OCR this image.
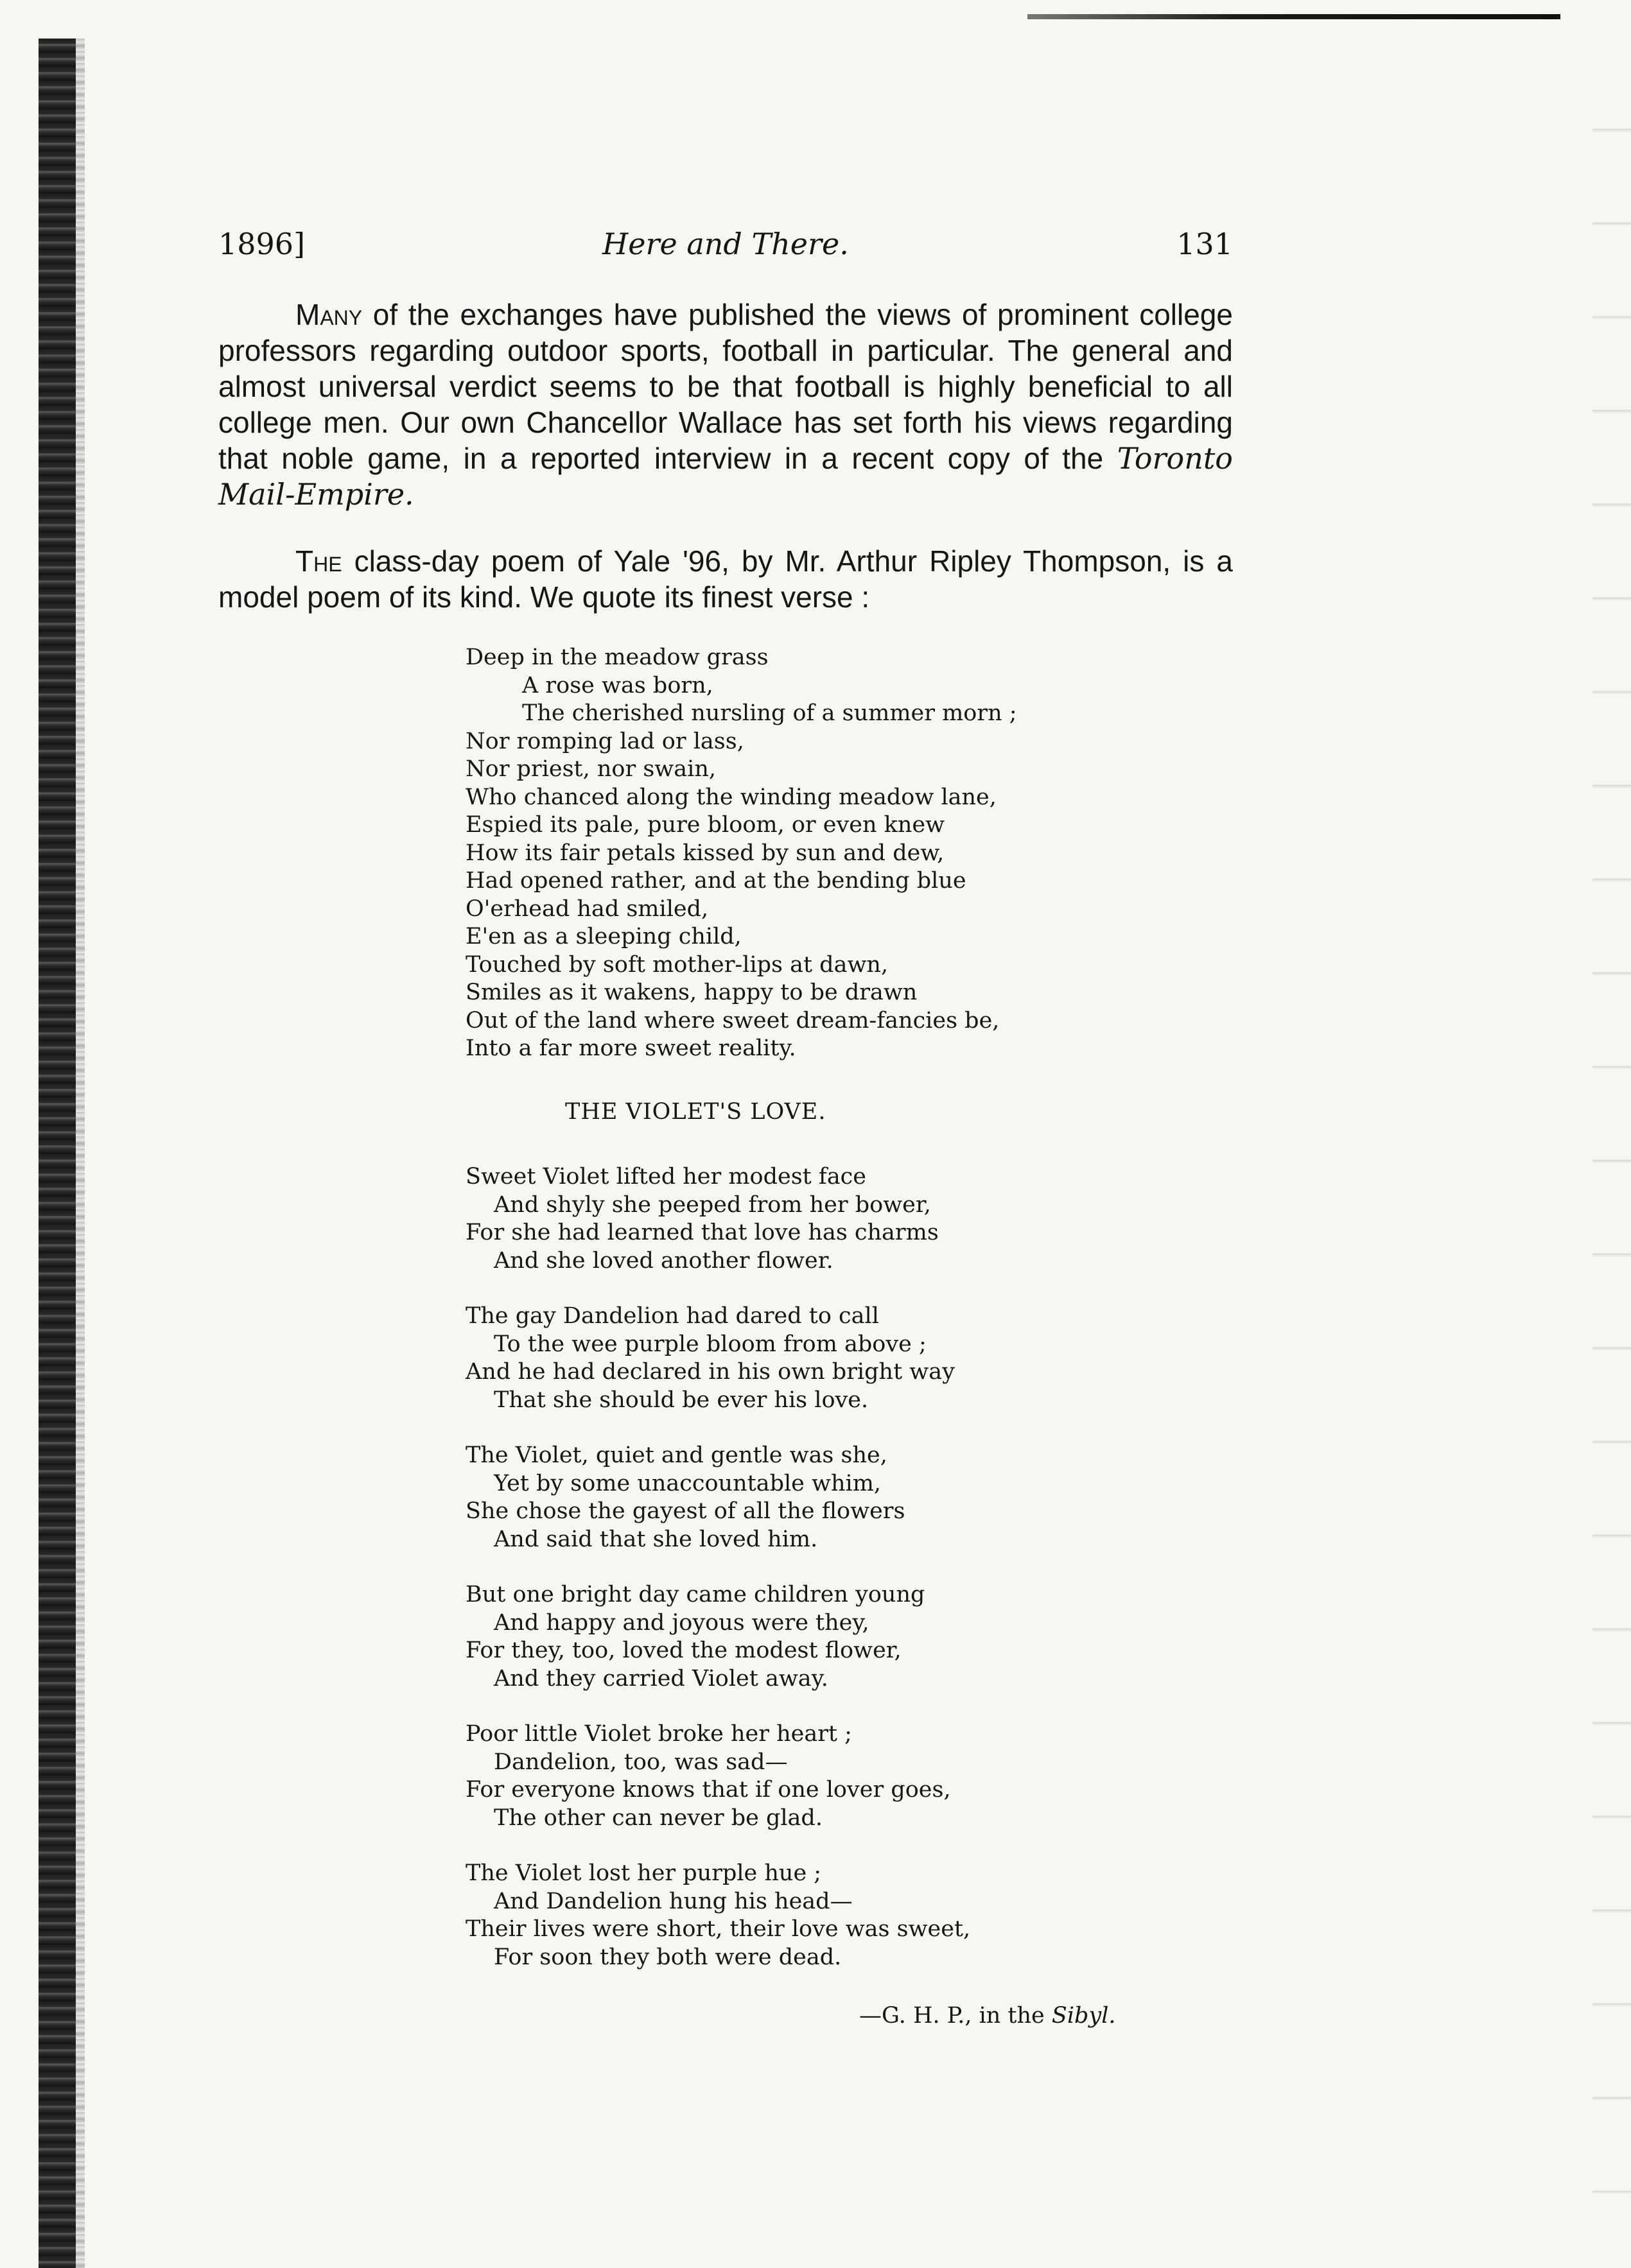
1896]	Here and There.	131

Many of the exchanges have published the views of prominent college professors regarding outdoor sports, football in particular. The general and almost universal verdict seems to be that football is highly beneficial to all college men. Our own Chancellor Wallace has set forth his views regarding that noble game, in a reported interview in a recent copy of the Toronto Mail-Empire.

The class-day poem of Yale '96, by Mr. Arthur Ripley Thompson, is a model poem of its kind. We quote its finest verse :

Deep in the meadow grass
A rose was born,
The cherished nursling of a summer morn ;
Nor romping lad or lass,
Nor priest, nor swain,
Who chanced along the winding meadow lane,
Espied its pale, pure bloom, or even knew
How its fair petals kissed by sun and dew,
Had opened rather, and at the bending blue
O'erhead had smiled,
E'en as a sleeping child,
Touched by soft mother-lips at dawn,
Smiles as it wakens, happy to be drawn
Out of the land where sweet dream-fancies be,
Into a far more sweet reality.
THE VIOLET'S LOVE.
Sweet Violet lifted her modest face
And shyly she peeped from her bower,
For she had learned that love has charms
And she loved another flower.
The gay Dandelion had dared to call
To the wee purple bloom from above ;
And he had declared in his own bright way
That she should be ever his love.
The Violet, quiet and gentle was she,
Yet by some unaccountable whim,
She chose the gayest of all the flowers
And said that she loved him.
But one bright day came children young
And happy and joyous were they,
For they, too, loved the modest flower,
And they carried Violet away.
Poor little Violet broke her heart ;
Dandelion, too, was sad—
For everyone knows that if one lover goes,
The other can never be glad.
The Violet lost her purple hue ;
And Dandelion hung his head—
Their lives were short, their love was sweet,
For soon they both were dead.
—G. H. P., in the Sibyl.
